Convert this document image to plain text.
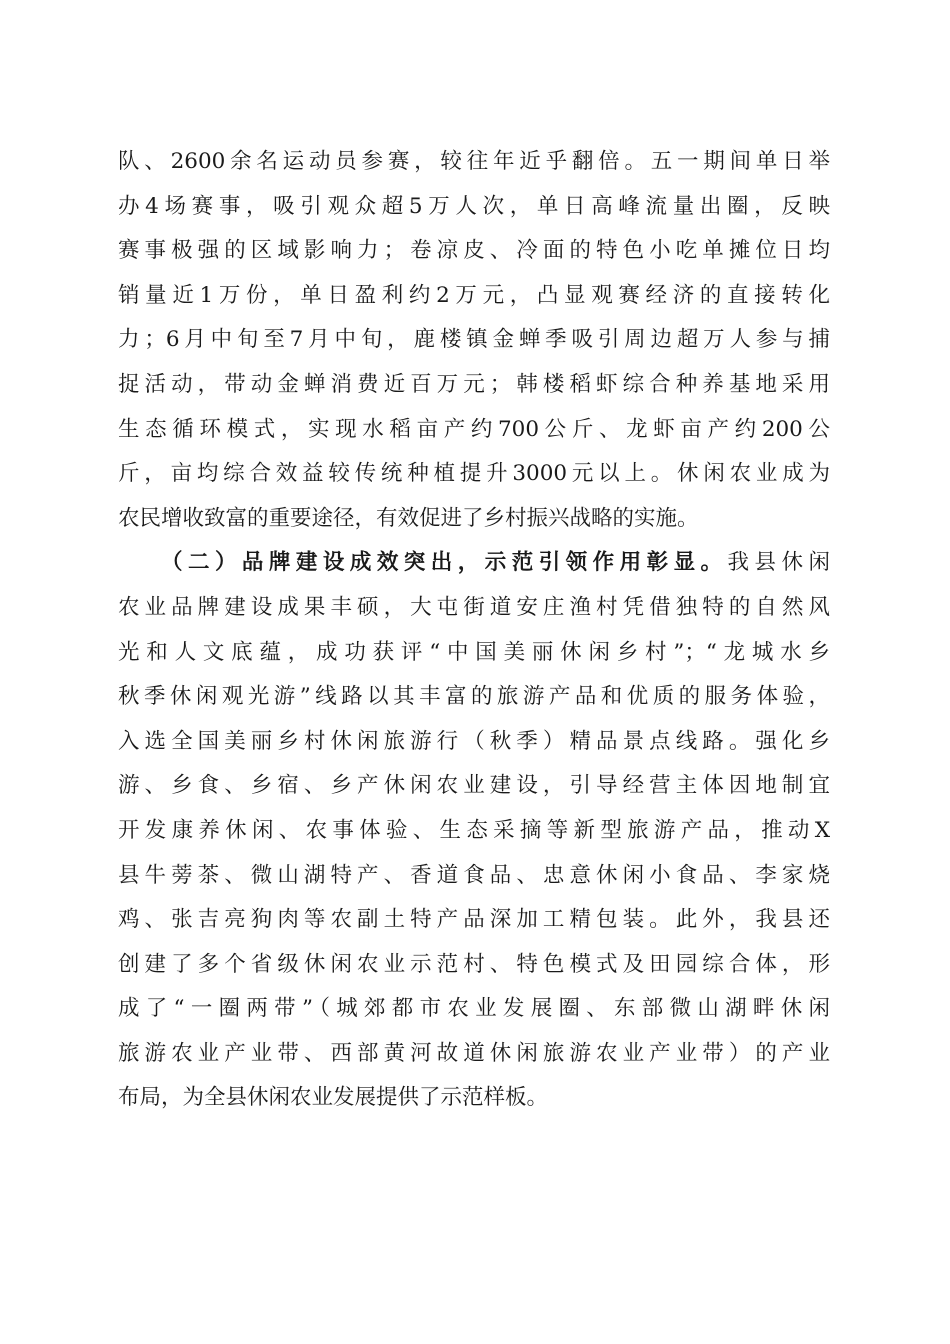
队、2600余名运动员参赛，较往年近乎翻倍。五一期间单日举
办4场赛事，吸引观众超5万人次，单日高峰流量出圈，反映
赛事极强的区域影响力；卷凉皮、冷面的特色小吃单摊位日均
销量近1万份，单日盈利约2万元，凸显观赛经济的直接转化
力；6月中旬至7月中旬，鹿楼镇金蝉季吸引周边超万人参与捕
捉活动，带动金蝉消费近百万元；韩楼稻虾综合种养基地采用
生态循环模式，实现水稻亩产约700公斤、龙虾亩产约200公
斤，亩均综合效益较传统种植提升3000元以上。休闲农业成为
农民增收致富的重要途径，有效促进了乡村振兴战略的实施。
（二）品牌建设成效突出，示范引领作用彰显。我县休闲
农业品牌建设成果丰硕，大屯街道安庄渔村凭借独特的自然风
光和人文底蕴，成功获评“中国美丽休闲乡村”；“龙城水乡
秋季休闲观光游”线路以其丰富的旅游产品和优质的服务体验，
入选全国美丽乡村休闲旅游行（秋季）精品景点线路。强化乡
游、乡食、乡宿、乡产休闲农业建设，引导经营主体因地制宜
开发康养休闲、农事体验、生态采摘等新型旅游产品，推动X
县牛蒡茶、微山湖特产、香道食品、忠意休闲小食品、李家烧
鸡、张吉亮狗肉等农副土特产品深加工精包装。此外，我县还
创建了多个省级休闲农业示范村、特色模式及田园综合体，形
成了“一圈两带”（城郊都市农业发展圈、东部微山湖畔休闲
旅游农业产业带、西部黄河故道休闲旅游农业产业带）的产业
布局，为全县休闲农业发展提供了示范样板。
